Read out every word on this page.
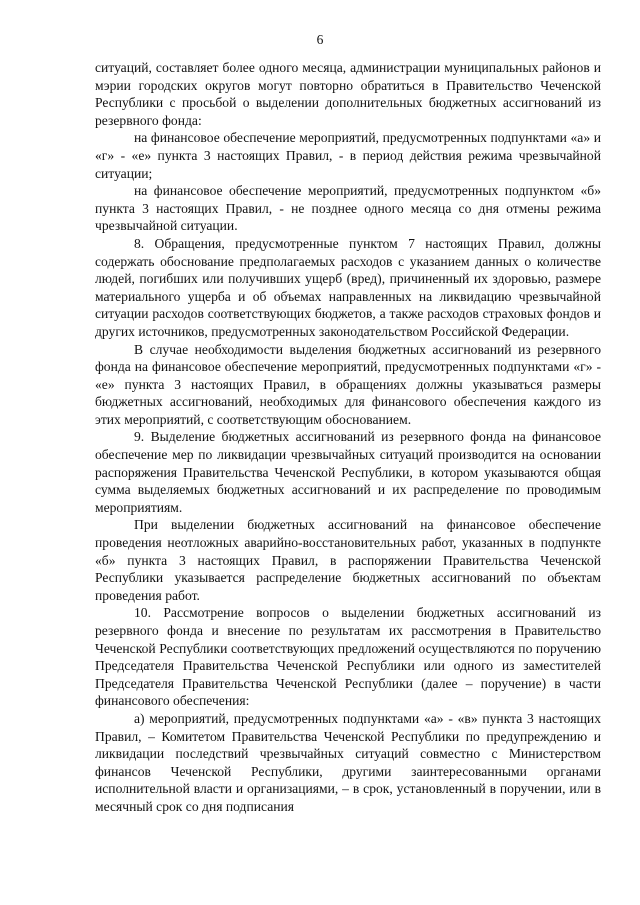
6

ситуаций, составляет более одного месяца, администрации муниципальных районов и мэрии городских округов могут повторно обратиться в Правительство Чеченской Республики с просьбой о выделении дополнительных бюджетных ассигнований из резервного фонда:

на финансовое обеспечение мероприятий, предусмотренных подпунктами «а» и «г» - «е» пункта 3 настоящих Правил, - в период действия режима чрезвычайной ситуации;

на финансовое обеспечение мероприятий, предусмотренных подпунктом «б» пункта 3 настоящих Правил, - не позднее одного месяца со дня отмены режима чрезвычайной ситуации.

8. Обращения, предусмотренные пунктом 7 настоящих Правил, должны содержать обоснование предполагаемых расходов с указанием данных о количестве людей, погибших или получивших ущерб (вред), причиненный их здоровью, размере материального ущерба и об объемах направленных на ликвидацию чрезвычайной ситуации расходов соответствующих бюджетов, а также расходов страховых фондов и других источников, предусмотренных законодательством Российской Федерации.

В случае необходимости выделения бюджетных ассигнований из резервного фонда на финансовое обеспечение мероприятий, предусмотренных подпунктами «г» - «е» пункта 3 настоящих Правил, в обращениях должны указываться размеры бюджетных ассигнований, необходимых для финансового обеспечения каждого из этих мероприятий, с соответствующим обоснованием.

9. Выделение бюджетных ассигнований из резервного фонда на финансовое обеспечение мер по ликвидации чрезвычайных ситуаций производится на основании распоряжения Правительства Чеченской Республики, в котором указываются общая сумма выделяемых бюджетных ассигнований и их распределение по проводимым мероприятиям.

При выделении бюджетных ассигнований на финансовое обеспечение проведения неотложных аварийно-восстановительных работ, указанных в подпункте «б» пункта 3 настоящих Правил, в распоряжении Правительства Чеченской Республики указывается распределение бюджетных ассигнований по объектам проведения работ.

10. Рассмотрение вопросов о выделении бюджетных ассигнований из резервного фонда и внесение по результатам их рассмотрения в Правительство Чеченской Республики соответствующих предложений осуществляются по поручению Председателя Правительства Чеченской Республики или одного из заместителей Председателя Правительства Чеченской Республики (далее – поручение) в части финансового обеспечения:

а) мероприятий, предусмотренных подпунктами «а» - «в» пункта 3 настоящих Правил, – Комитетом Правительства Чеченской Республики по предупреждению и ликвидации последствий чрезвычайных ситуаций совместно с Министерством финансов Чеченской Республики, другими заинтересованными органами исполнительной власти и организациями, – в срок, установленный в поручении, или в месячный срок со дня подписания
